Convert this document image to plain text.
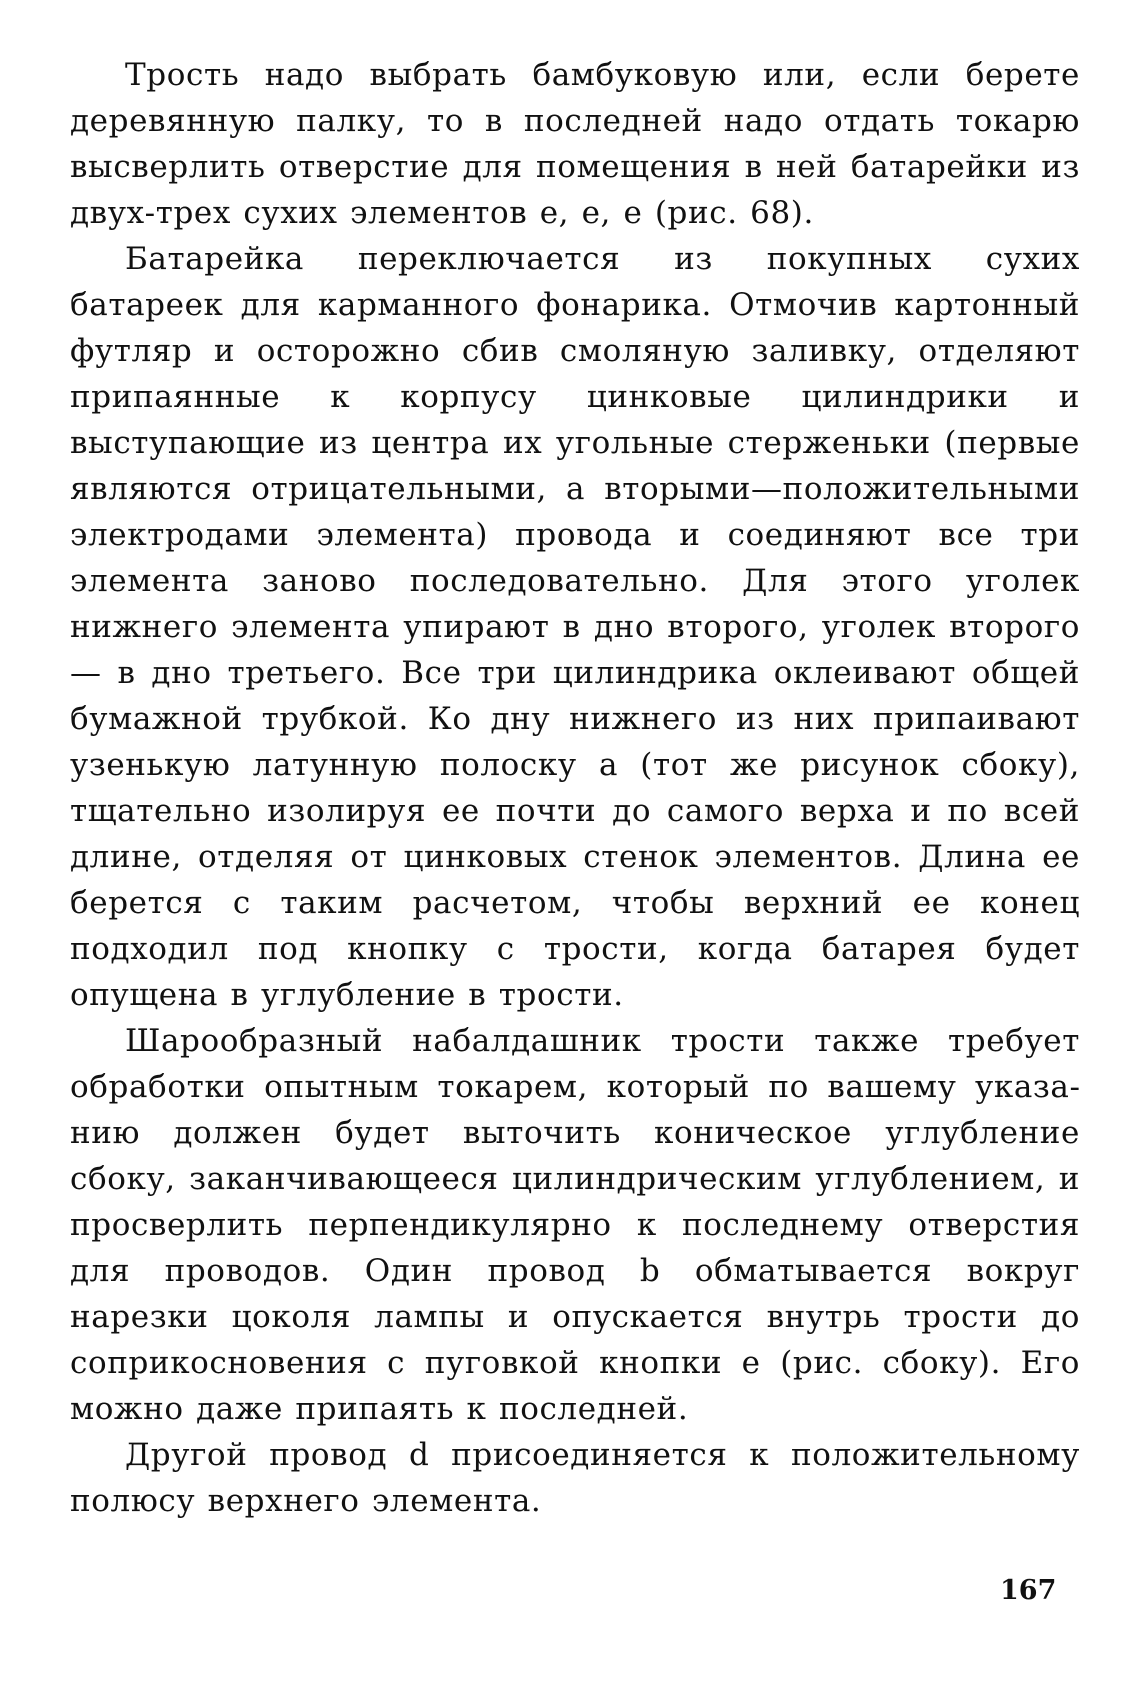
Трость надо выбрать бамбуковую или, если берете деревянную палку, то в последней надо отдать токарю высверлить отверстие для помещения в ней батарейки из двух-трех сухих элементов e, e, e (рис. 68).

Батарейка переключается из покупных сухих батареек для карманного фонарика. Отмочив картонный футляр и осторожно сбив смоляную заливку, отделяют припаянные к корпусу цинковые цилиндрики и выступающие из центра их угольные стерженьки (первые являются отрицательными, а вторыми—положительными электродами элемента) провода и соединяют все три элемента заново последовательно. Для этого уголек нижнего элемента упирают в дно второго, уголек второго — в дно третьего. Все три цилиндрика оклеивают общей бумажной трубкой. Ко дну нижнего из них припаивают узенькую латунную полоску a (тот же рисунок сбоку), тщательно изолируя ее почти до самого верха и по всей длине, отделяя от цинковых стенок элементов. Длина ее берется с таким расчетом, чтобы верхний ее конец подходил под кнопку c трости, когда батарея будет опущена в углубление в трости.

Шарообразный набалдашник трости также требует обработки опытным токарем, который по вашему указанию должен будет выточить коническое углубление сбоку, заканчивающееся цилиндрическим углублением, и просверлить перпендикулярно к последнему отверстия для проводов. Один провод b обматывается вокруг нарезки цоколя лампы и опускается внутрь трости до соприкосновения с пуговкой кнопки e (рис. сбоку). Его можно даже припаять к последней.

Другой провод d присоединяется к положительному полюсу верхнего элемента.

167
